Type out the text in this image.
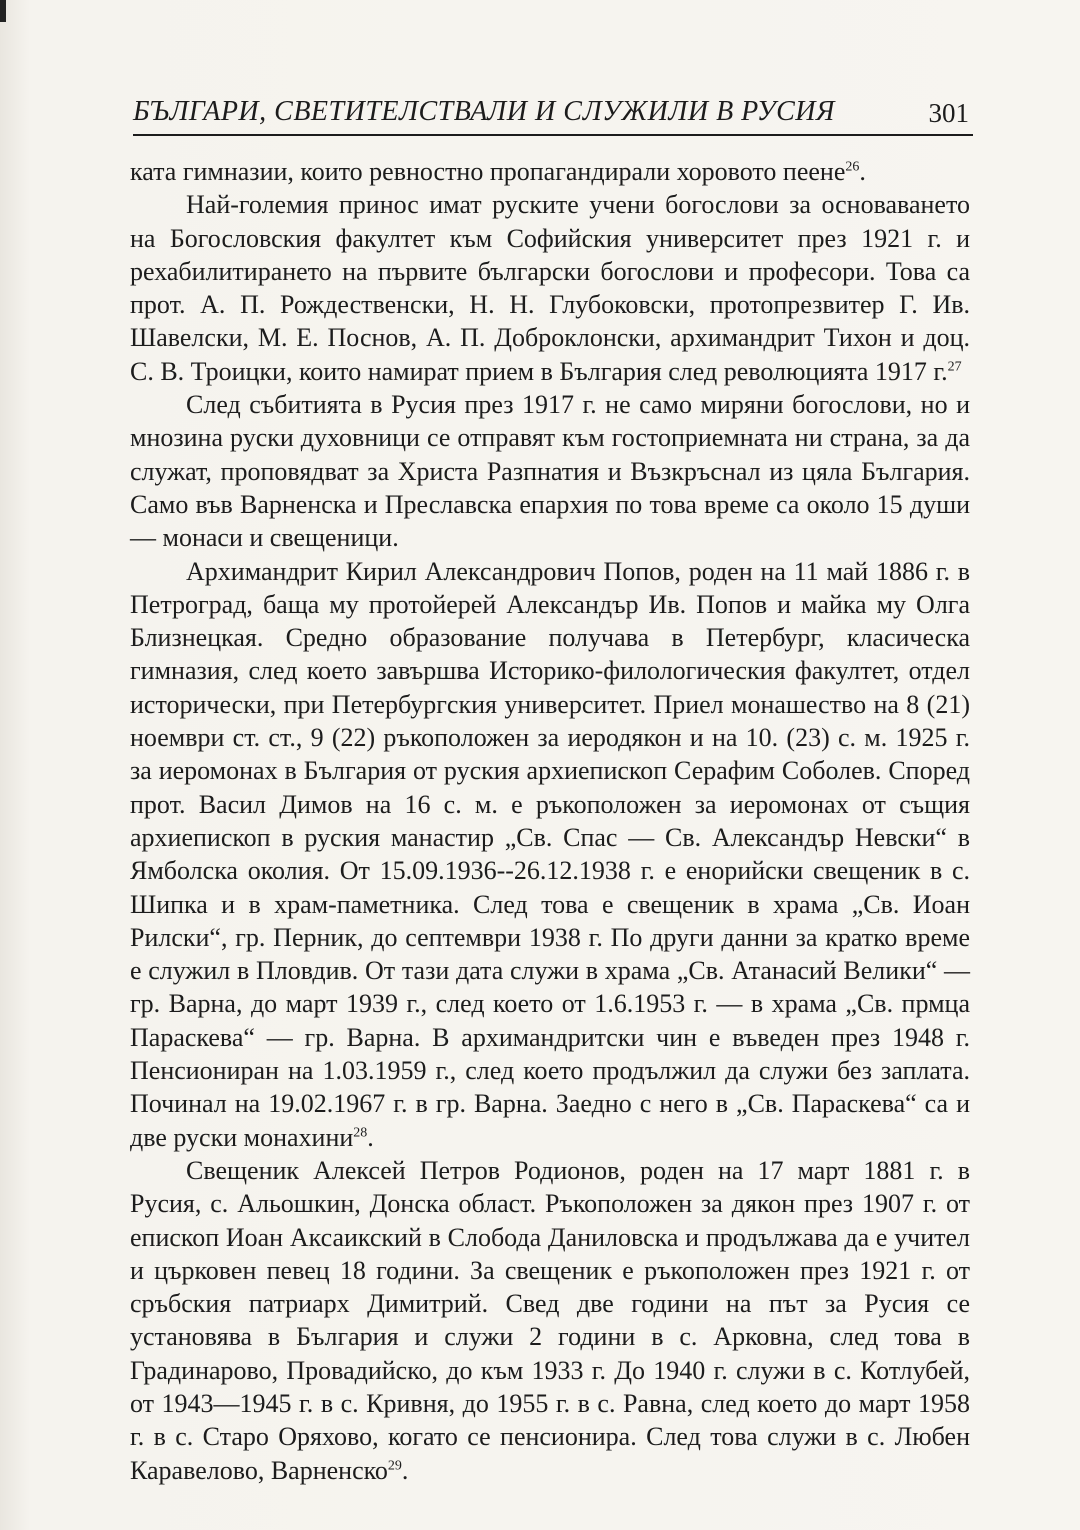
БЪЛГАРИ, СВЕТИТЕЛСТВАЛИ И СЛУЖИЛИ В РУСИЯ	301

ката гимназии, които ревностно пропагандирали хоровото пеене$^{26}$.

Най-големия принос имат руските учени богослови за основаването на Богословския факултет към Софийския университет през 1921 г. и рехабилитирането на първите български богослови и професори. Това са прот. А. П. Рождественски, Н. Н. Глубоковски, протопрезвитер Г. Ив. Шавелски, М. Е. Поснов, А. П. Доброклонски, архимандрит Тихон и доц. С. В. Троицки, които намират прием в България след революцията 1917 г.$^{27}$

След събитията в Русия през 1917 г. не само миряни богослови, но и мнозина руски духовници се отправят към гостоприемната ни страна, за да служат, проповядват за Христа Разпнатия и Възкръснал из цяла България. Само във Варненска и Преславска епархия по това време са около 15 души — монаси и свещеници.

Архимандрит Кирил Александрович Попов, роден на 11 май 1886 г. в Петроград, баща му протойерей Александър Ив. Попов и майка му Олга Близнецкая. Средно образование получава в Петербург, класическа гимназия, след което завършва Историко-филологическия факултет, отдел исторически, при Петербургския университет. Приел монашество на 8 (21) ноември ст. ст., 9 (22) ръкоположен за иеродякон и на 10. (23) с. м. 1925 г. за иеромонах в България от руския архиепископ Серафим Соболев. Според прот. Васил Димов на 16 с. м. е ръкоположен за иеромонах от същия архиепископ в руския манастир „Св. Спас — Св. Александър Невски“ в Ямболска околия. От 15.09.1936--26.12.1938 г. е енорийски свещеник в с. Шипка и в храм-паметника. След това е свещеник в храма „Св. Иоан Рилски“, гр. Перник, до септември 1938 г. По други данни за кратко време е служил в Пловдив. От тази дата служи в храма „Св. Атанасий Велики“ — гр. Варна, до март 1939 г., след което от 1.6.1953 г. — в храма „Св. прмца Параскева“ — гр. Варна. В архимандритски чин е въведен през 1948 г. Пенсиониран на 1.03.1959 г., след което продължил да служи без заплата. Починал на 19.02.1967 г. в гр. Варна. Заедно с него в „Св. Параскева“ са и две руски монахини$^{28}$.

Свещеник Алексей Петров Родионов, роден на 17 март 1881 г. в Русия, с. Альошкин, Донска област. Ръкоположен за дякон през 1907 г. от епископ Иоан Аксаикский в Слобода Даниловска и продължава да е учител и църковен певец 18 години. За свещеник е ръкоположен през 1921 г. от сръбския патриарх Димитрий. Свед две години на път за Русия се установява в България и служи 2 години в с. Арковна, след това в Градинарово, Провадийско, до към 1933 г. До 1940 г. служи в с. Котлубей, от 1943—1945 г. в с. Кривня, до 1955 г. в с. Равна, след което до март 1958 г. в с. Старо Оряхово, когато се пенсионира. След това служи в с. Любен Каравелово, Варненско$^{29}$.
